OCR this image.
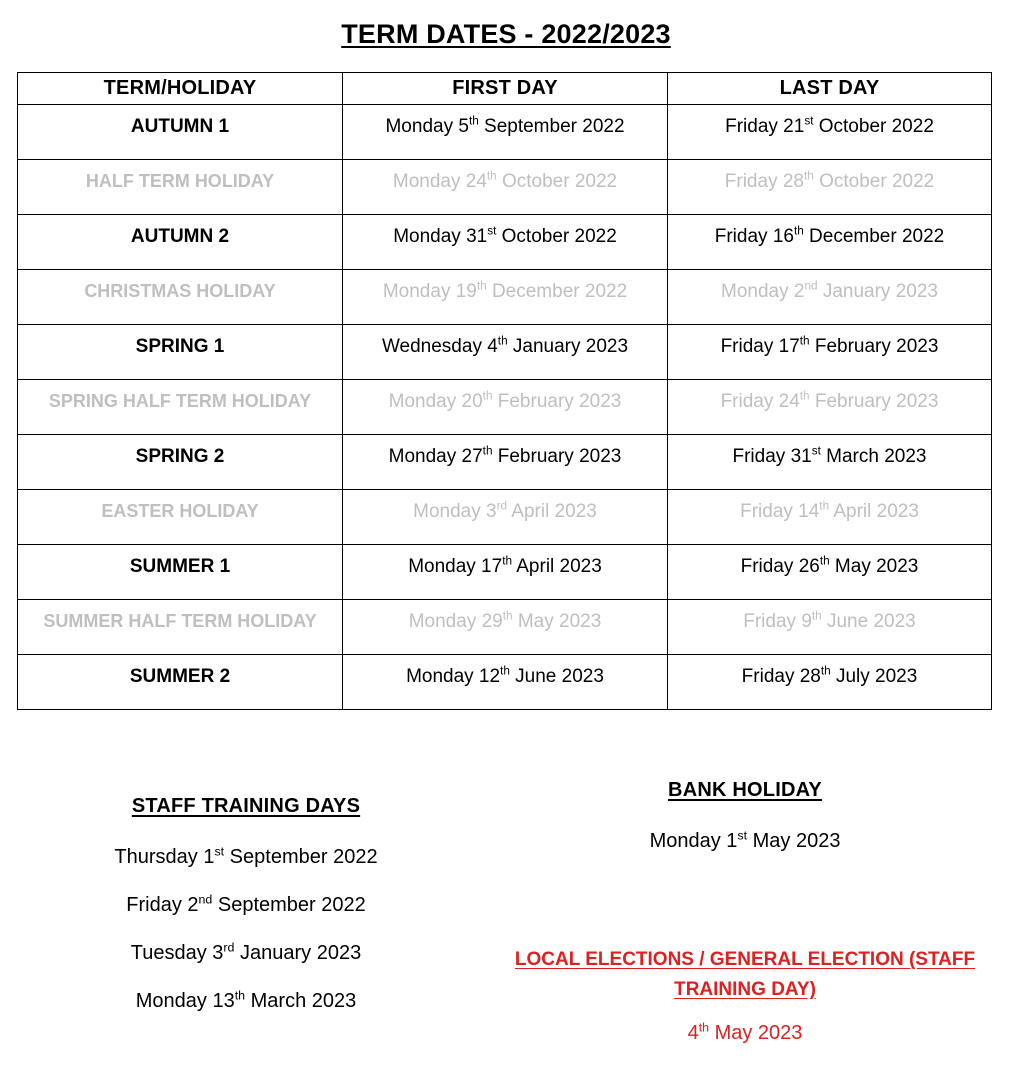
TERM DATES - 2022/2023
TERM/HOLIDAY	FIRST DAY	LAST DAY
AUTUMN 1	Monday 5th September 2022	Friday 21st October 2022
HALF TERM HOLIDAY	Monday 24th October 2022	Friday 28th October 2022
AUTUMN 2	Monday 31st October 2022	Friday 16th December 2022
CHRISTMAS HOLIDAY	Monday 19th December 2022	Monday 2nd January 2023
SPRING 1	Wednesday 4th January 2023	Friday 17th February 2023
SPRING HALF TERM HOLIDAY	Monday 20th February 2023	Friday 24th February 2023
SPRING 2	Monday 27th February 2023	Friday 31st March 2023
EASTER HOLIDAY	Monday 3rd April 2023	Friday 14th April 2023
SUMMER 1	Monday 17th April 2023	Friday 26th May 2023
SUMMER HALF TERM HOLIDAY	Monday 29th May 2023	Friday 9th June 2023
SUMMER 2	Monday 12th June 2023	Friday 28th July 2023
STAFF TRAINING DAYS
Thursday 1st September 2022
Friday 2nd September 2022
Tuesday 3rd January 2023
Monday 13th March 2023
BANK HOLIDAY
Monday 1st May 2023
LOCAL ELECTIONS / GENERAL ELECTION (STAFF TRAINING DAY)
4th May 2023
